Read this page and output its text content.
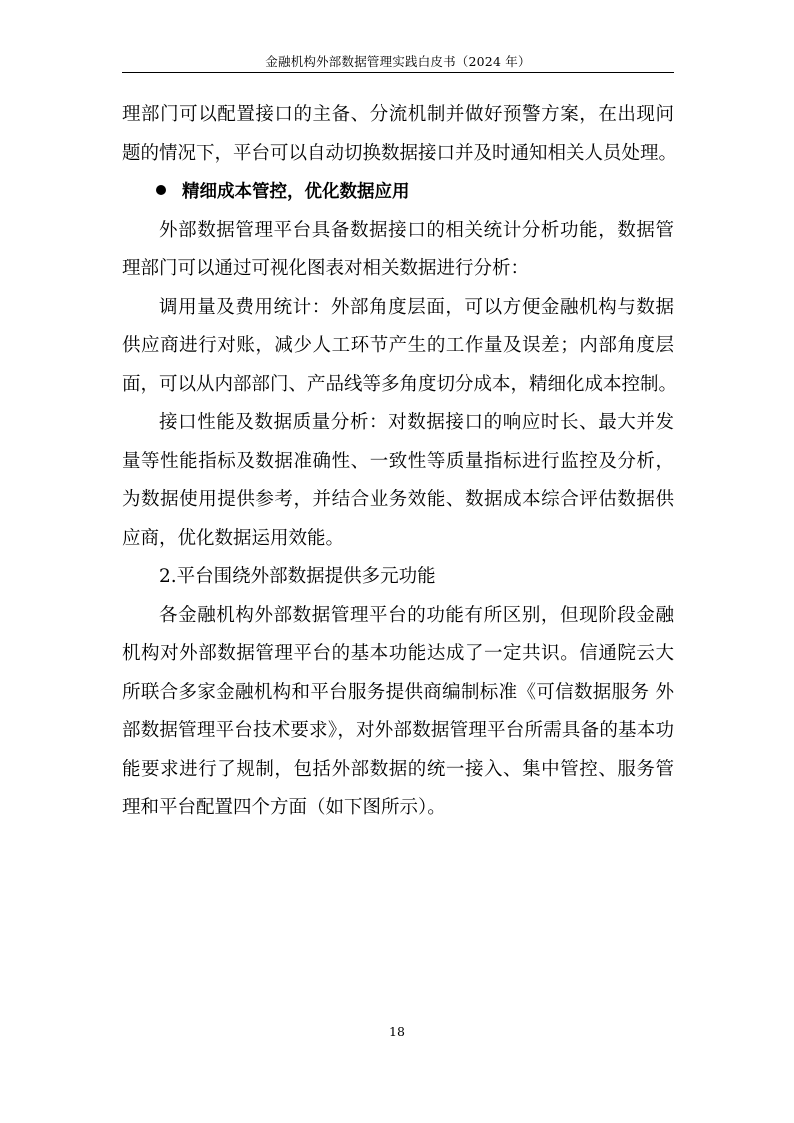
金融机构外部数据管理实践白皮书（2024 年）
理部门可以配置接口的主备、分流机制并做好预警方案，在出现问
题的情况下，平台可以自动切换数据接口并及时通知相关人员处理。
精细成本管控，优化数据应用
外部数据管理平台具备数据接口的相关统计分析功能，数据管
理部门可以通过可视化图表对相关数据进行分析：
调用量及费用统计：外部角度层面，可以方便金融机构与数据
供应商进行对账，减少人工环节产生的工作量及误差；内部角度层
面，可以从内部部门、产品线等多角度切分成本，精细化成本控制。
接口性能及数据质量分析：对数据接口的响应时长、最大并发
量等性能指标及数据准确性、一致性等质量指标进行监控及分析，
为数据使用提供参考，并结合业务效能、数据成本综合评估数据供
应商，优化数据运用效能。
2.平台围绕外部数据提供多元功能
各金融机构外部数据管理平台的功能有所区别，但现阶段金融
机构对外部数据管理平台的基本功能达成了一定共识。信通院云大
所联合多家金融机构和平台服务提供商编制标准《可信数据服务 外
部数据管理平台技术要求》，对外部数据管理平台所需具备的基本功
能要求进行了规制，包括外部数据的统一接入、集中管控、服务管
理和平台配置四个方面（如下图所示）。
18
